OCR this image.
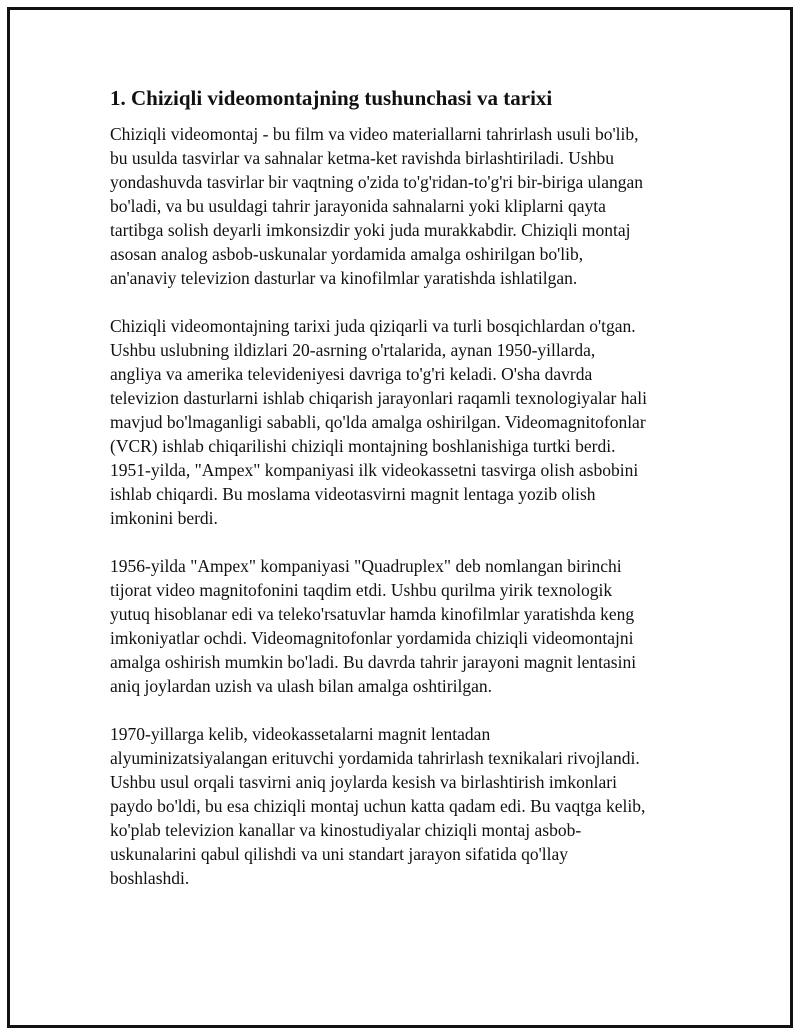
1. Chiziqli videomontajning tushunchasi va tarixi

Chiziqli videomontaj - bu film va video materiallarni tahrirlash usuli bo'lib,
bu usulda tasvirlar va sahnalar ketma-ket ravishda birlashtiriladi. Ushbu
yondashuvda tasvirlar bir vaqtning o'zida to'g'ridan-to'g'ri bir-biriga ulangan
bo'ladi, va bu usuldagi tahrir jarayonida sahnalarni yoki kliplarni qayta
tartibga solish deyarli imkonsizdir yoki juda murakkabdir. Chiziqli montaj
asosan analog asbob-uskunalar yordamida amalga oshirilgan bo'lib,
an'anaviy televizion dasturlar va kinofilmlar yaratishda ishlatilgan.

Chiziqli videomontajning tarixi juda qiziqarli va turli bosqichlardan o'tgan.
Ushbu uslubning ildizlari 20-asrning o'rtalarida, aynan 1950-yillarda,
angliya va amerika televideniyesi davriga to'g'ri keladi. O'sha davrda
televizion dasturlarni ishlab chiqarish jarayonlari raqamli texnologiyalar hali
mavjud bo'lmaganligi sababli, qo'lda amalga oshirilgan. Videomagnitofonlar
(VCR) ishlab chiqarilishi chiziqli montajning boshlanishiga turtki berdi.
1951-yilda, "Ampex" kompaniyasi ilk videokassetni tasvirga olish asbobini
ishlab chiqardi. Bu moslama videotasvirni magnit lentaga yozib olish
imkonini berdi.

1956-yilda "Ampex" kompaniyasi "Quadruplex" deb nomlangan birinchi
tijorat video magnitofonini taqdim etdi. Ushbu qurilma yirik texnologik
yutuq hisoblanar edi va teleko'rsatuvlar hamda kinofilmlar yaratishda keng
imkoniyatlar ochdi. Videomagnitofonlar yordamida chiziqli videomontajni
amalga oshirish mumkin bo'ladi. Bu davrda tahrir jarayoni magnit lentasini
aniq joylardan uzish va ulash bilan amalga oshtirilgan.

1970-yillarga kelib, videokassetalarni magnit lentadan
alyuminizatsiyalangan erituvchi yordamida tahrirlash texnikalari rivojlandi.
Ushbu usul orqali tasvirni aniq joylarda kesish va birlashtirish imkonlari
paydo bo'ldi, bu esa chiziqli montaj uchun katta qadam edi. Bu vaqtga kelib,
ko'plab televizion kanallar va kinostudiyalar chiziqli montaj asbob-
uskunalarini qabul qilishdi va uni standart jarayon sifatida qo'llay
boshlashdi.
